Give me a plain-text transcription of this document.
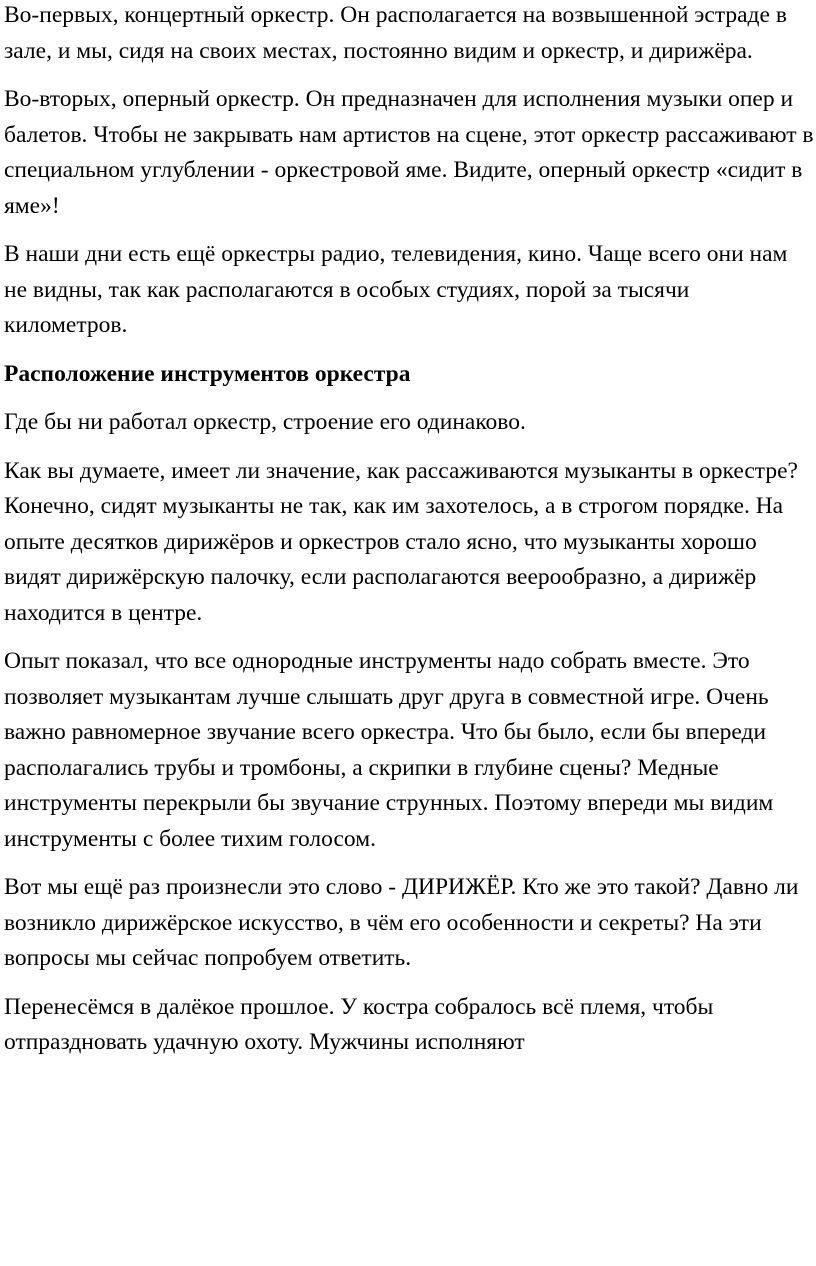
Во-первых, концертный оркестр. Он располагается на возвышенной эстраде в зале, и мы, сидя на своих местах, постоянно видим и оркестр, и дирижёра.

Во-вторых, оперный оркестр. Он предназначен для исполнения музыки опер и балетов. Чтобы не закрывать нам артистов на сцене, этот оркестр рассаживают в специальном углублении - оркестровой яме. Видите, оперный оркестр «сидит в яме»!

В наши дни есть ещё оркестры радио, телевидения, кино. Чаще всего они нам не видны, так как располагаются в особых студиях, порой за тысячи километров.

Расположение инструментов оркестра

Где бы ни работал оркестр, строение его одинаково.

Как вы думаете, имеет ли значение, как рассаживаются музыканты в оркестре? Конечно, сидят музыканты не так, как им захотелось, а в строгом порядке. На опыте десятков дирижёров и оркестров стало ясно, что музыканты хорошо видят дирижёрскую палочку, если располагаются веерообразно, а дирижёр находится в центре.

Опыт показал, что все однородные инструменты надо собрать вместе. Это позволяет музыкантам лучше слышать друг друга в совместной игре. Очень важно равномерное звучание всего оркестра. Что бы было, если бы впереди располагались трубы и тромбоны, а скрипки в глубине сцены? Медные инструменты перекрыли бы звучание струнных. Поэтому впереди мы видим инструменты с более тихим голосом.

Вот мы ещё раз произнесли это слово - ДИРИЖЁР. Кто же это такой? Давно ли возникло дирижёрское искусство, в чём его особенности и секреты? На эти вопросы мы сейчас попробуем ответить.

Перенесёмся в далёкое прошлое. У костра собралось всё племя, чтобы отпраздновать удачную охоту. Мужчины исполняют
